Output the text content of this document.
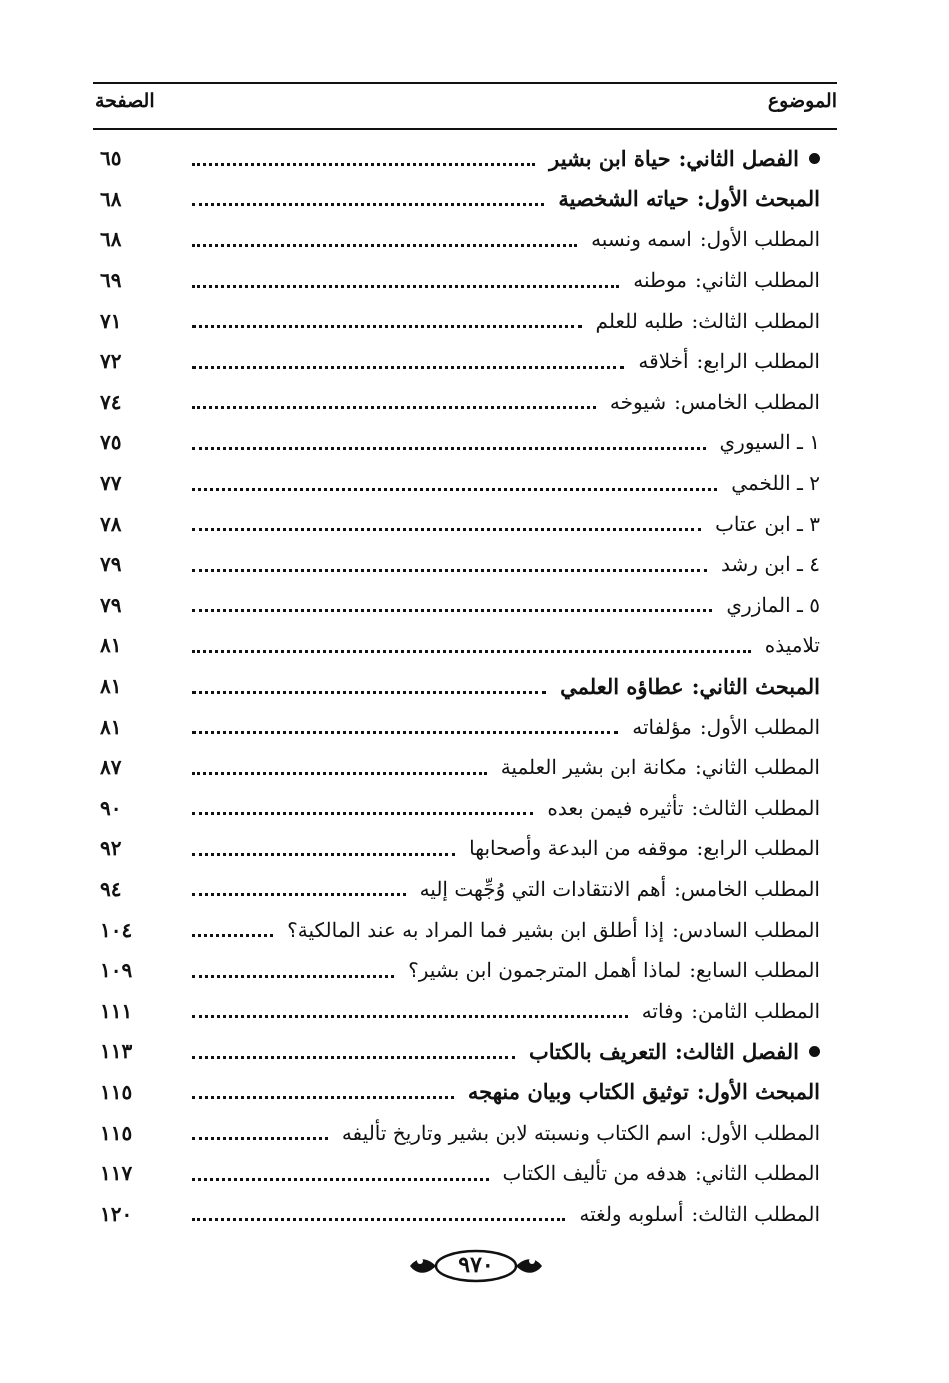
الموضوع
الصفحة
الفصل الثاني:حياة ابن بشير
٦٥
المبحث الأول:حياته الشخصية
٦٨
المطلب الأول:اسمه ونسبه
٦٨
المطلب الثاني:موطنه
٦٩
المطلب الثالث:طلبه للعلم
٧١
المطلب الرابع:أخلاقه
٧٢
المطلب الخامس:شيوخه
٧٤
١ ـ السيوري
٧٥
٢ ـ اللخمي
٧٧
٣ ـ ابن عتاب
٧٨
٤ ـ ابن رشد
٧٩
٥ ـ المازري
٧٩
تلاميذه
٨١
المبحث الثاني:عطاؤه العلمي
٨١
المطلب الأول:مؤلفاته
٨١
المطلب الثاني:مكانة ابن بشير العلمية
٨٧
المطلب الثالث:تأثيره فيمن بعده
٩٠
المطلب الرابع:موقفه من البدعة وأصحابها
٩٢
المطلب الخامس:أهم الانتقادات التي وُجِّهت إليه
٩٤
المطلب السادس:إذا أطلق ابن بشير فما المراد به عند المالكية؟
١٠٤
المطلب السابع:لماذا أهمل المترجمون ابن بشير؟
١٠٩
المطلب الثامن:وفاته
١١١
الفصل الثالث:التعريف بالكتاب
١١٣
المبحث الأول:توثيق الكتاب وبيان منهجه
١١٥
المطلب الأول:اسم الكتاب ونسبته لابن بشير وتاريخ تأليفه
١١٥
المطلب الثاني:هدفه من تأليف الكتاب
١١٧
المطلب الثالث:أسلوبه ولغته
١٢٠
٩٧٠
